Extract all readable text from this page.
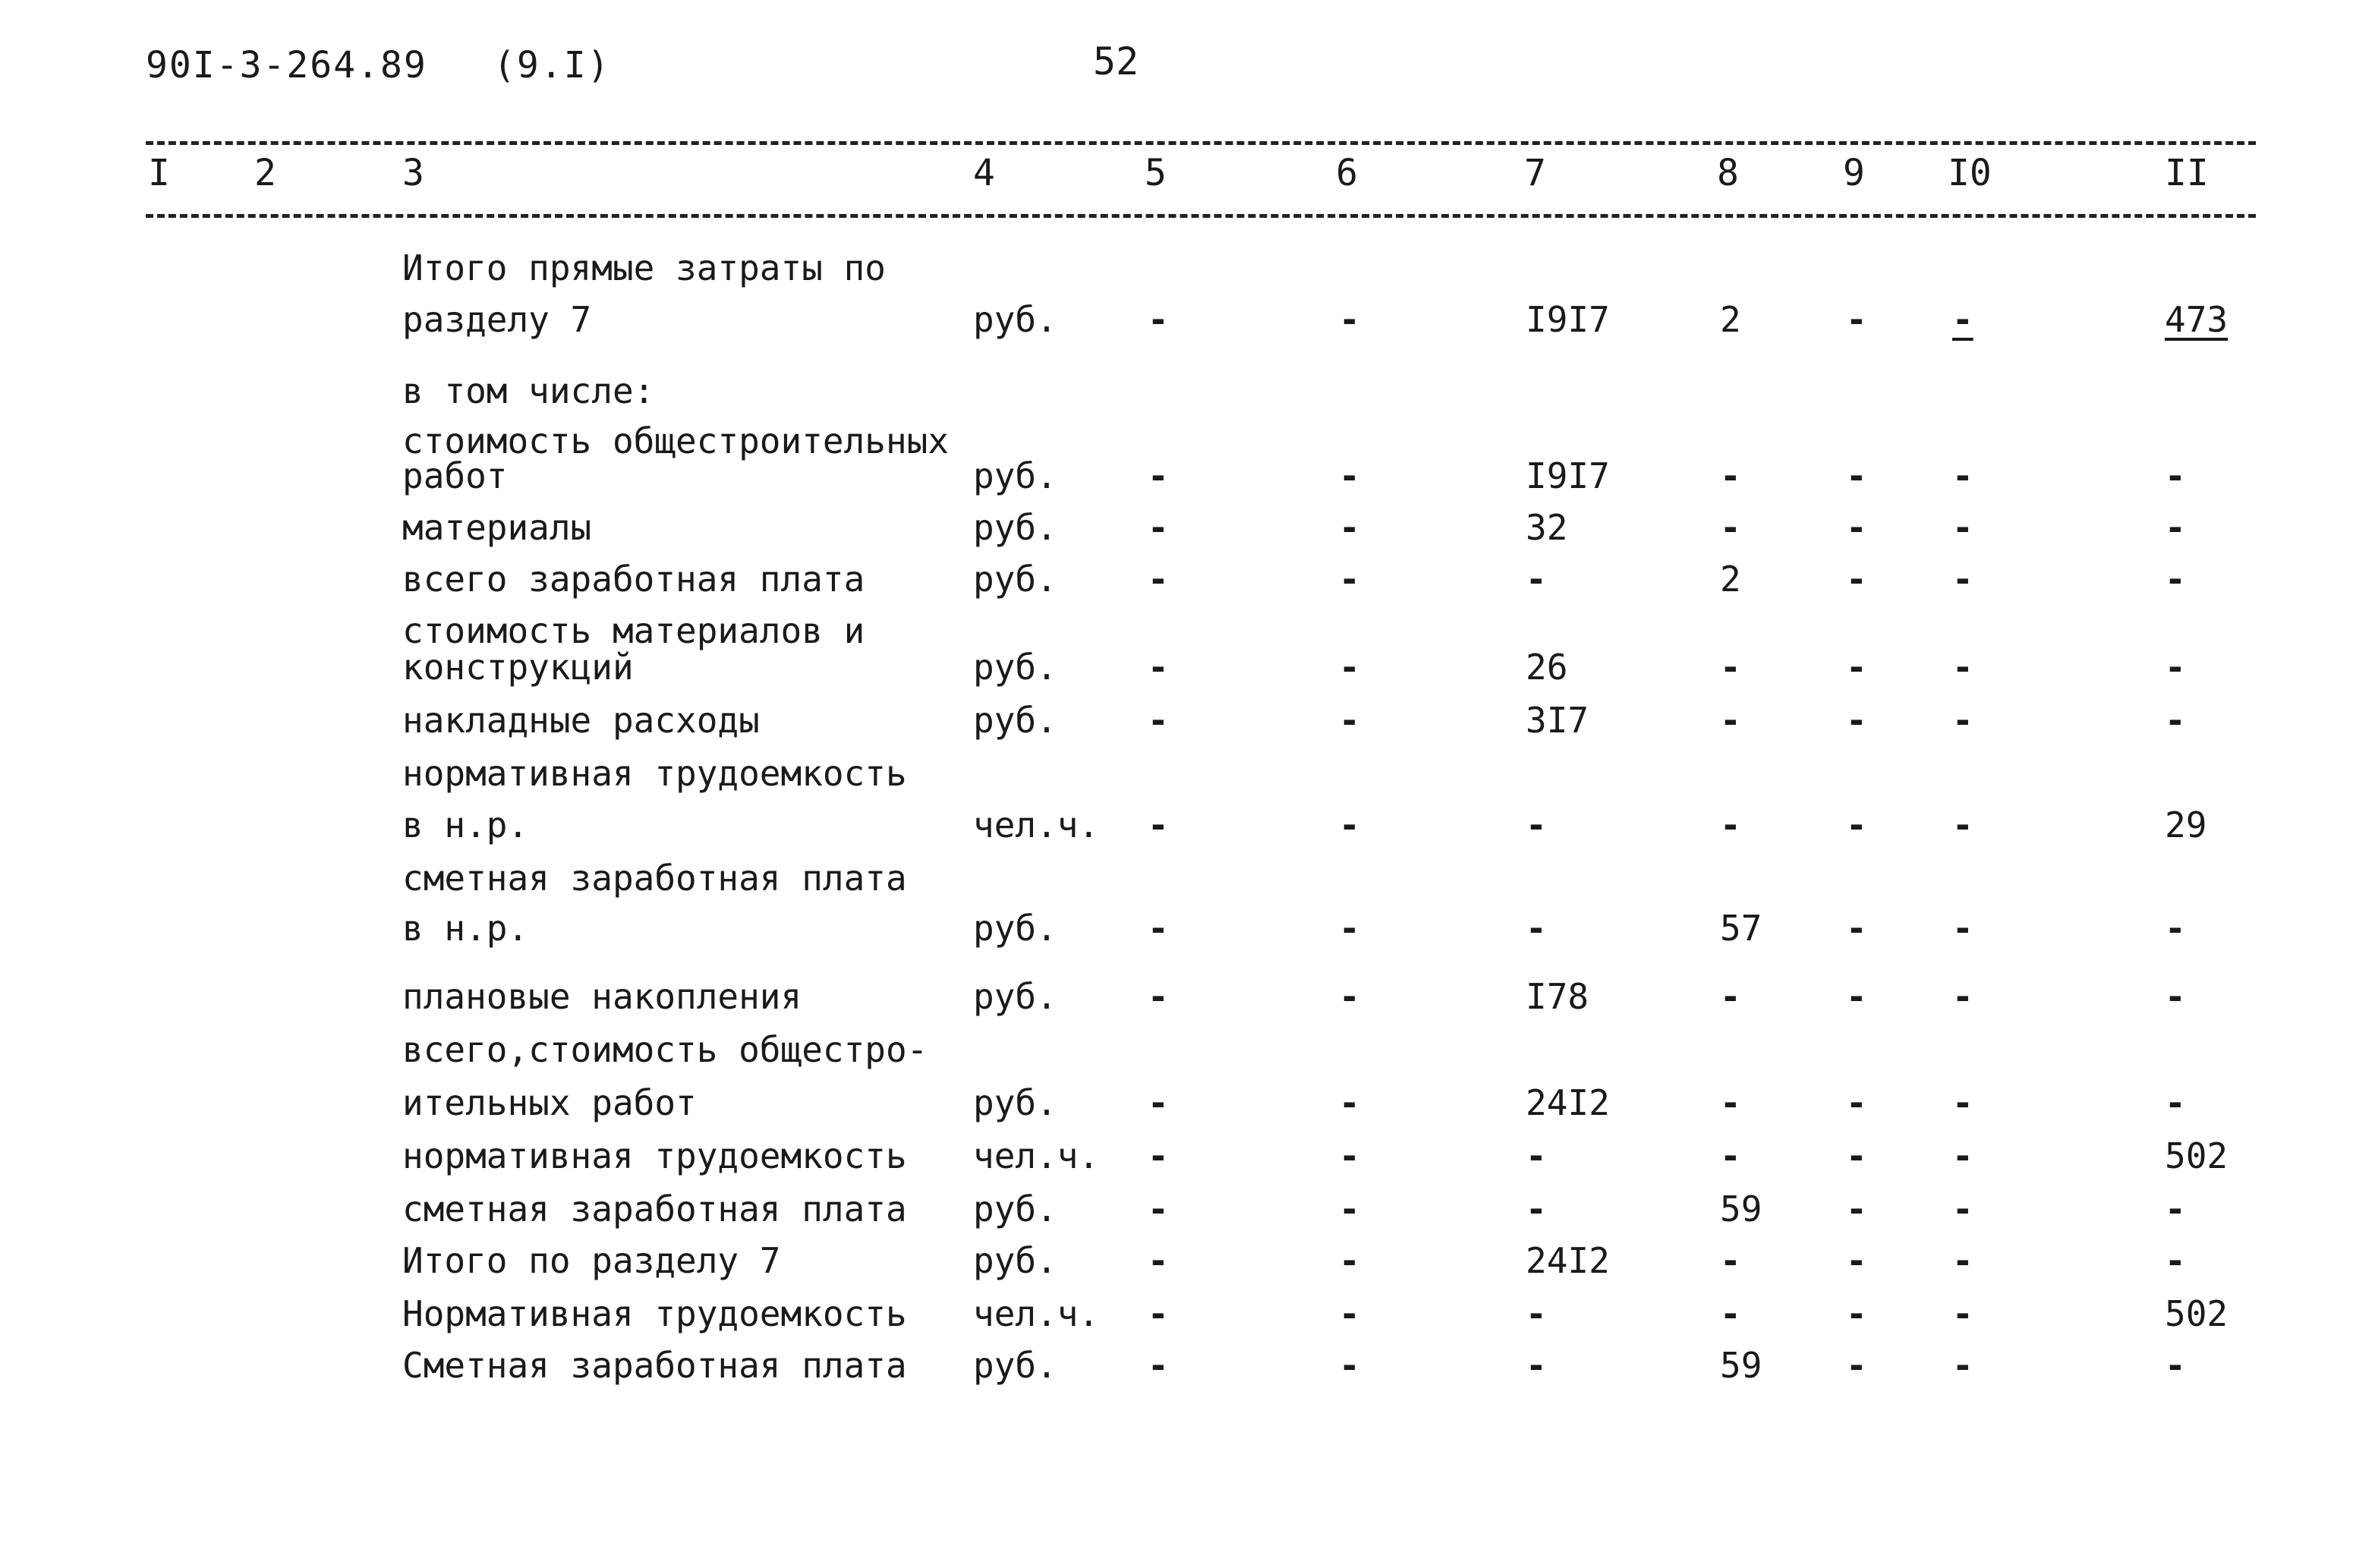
90I-3-264.89 (9.I)	52
I 2	3	4	5	6	7	8	9 I0	II
Итого прямые затраты по
разделу 7	руб.	-	-	I9I7	2	- -	473
в том числе:
стоимость общестроительных
работ	руб.	-	-	I9I7	-	- -	-
материалы	руб.	-	-	32	-	- -	-
всего заработная плата	руб.	-	-	-	2	- -	-
стоимость материалов и
конструкций	руб.	-	-	26	-	- -	-
накладные расходы	руб.	-	-	3I7	-	- -	-
нормативная трудоемкость
в н.р.	чел.ч. -	-	-	-	- -	29
сметная заработная плата
в н.р.	руб.	-	-	-	57 - -	-
плановые накопления	руб.	-	-	I78	-	- -	-
всего,стоимость общестро-
ительных работ	руб.	-	-	24I2	-	- -	-
нормативная трудоемкость чел.ч. -	-	-	-	- -	502
сметная заработная плата руб.	-	-	-	59 - -	-
Итого по разделу 7	руб.	-	-	24I2	-	- -	-
Нормативная трудоемкость чел.ч. -	-	-	-	- -	502
Сметная заработная плата руб.	-	-	-	59 - -	-
